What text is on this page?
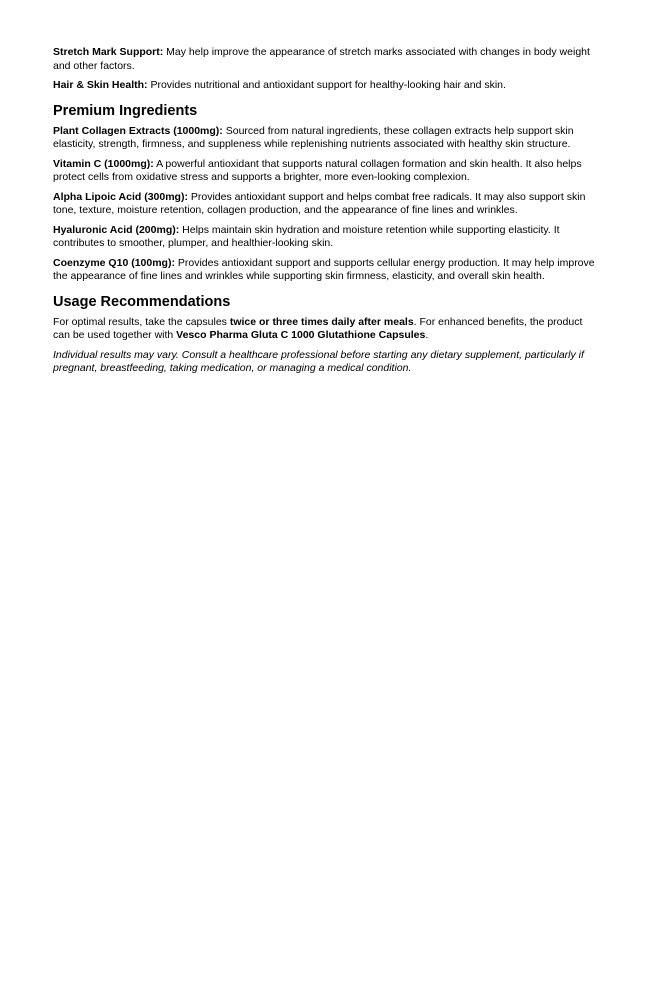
Stretch Mark Support: May help improve the appearance of stretch marks associated with changes in body weight and other factors.

Hair & Skin Health: Provides nutritional and antioxidant support for healthy-looking hair and skin.

Premium Ingredients

Plant Collagen Extracts (1000mg): Sourced from natural ingredients, these collagen extracts help support skin elasticity, strength, firmness, and suppleness while replenishing nutrients associated with healthy skin structure.

Vitamin C (1000mg): A powerful antioxidant that supports natural collagen formation and skin health. It also helps protect cells from oxidative stress and supports a brighter, more even-looking complexion.

Alpha Lipoic Acid (300mg): Provides antioxidant support and helps combat free radicals. It may also support skin tone, texture, moisture retention, collagen production, and the appearance of fine lines and wrinkles.

Hyaluronic Acid (200mg): Helps maintain skin hydration and moisture retention while supporting elasticity. It contributes to smoother, plumper, and healthier-looking skin.

Coenzyme Q10 (100mg): Provides antioxidant support and supports cellular energy production. It may help improve the appearance of fine lines and wrinkles while supporting skin firmness, elasticity, and overall skin health.

Usage Recommendations

For optimal results, take the capsules twice or three times daily after meals. For enhanced benefits, the product can be used together with Vesco Pharma Gluta C 1000 Glutathione Capsules.

Individual results may vary. Consult a healthcare professional before starting any dietary supplement, particularly if pregnant, breastfeeding, taking medication, or managing a medical condition.
